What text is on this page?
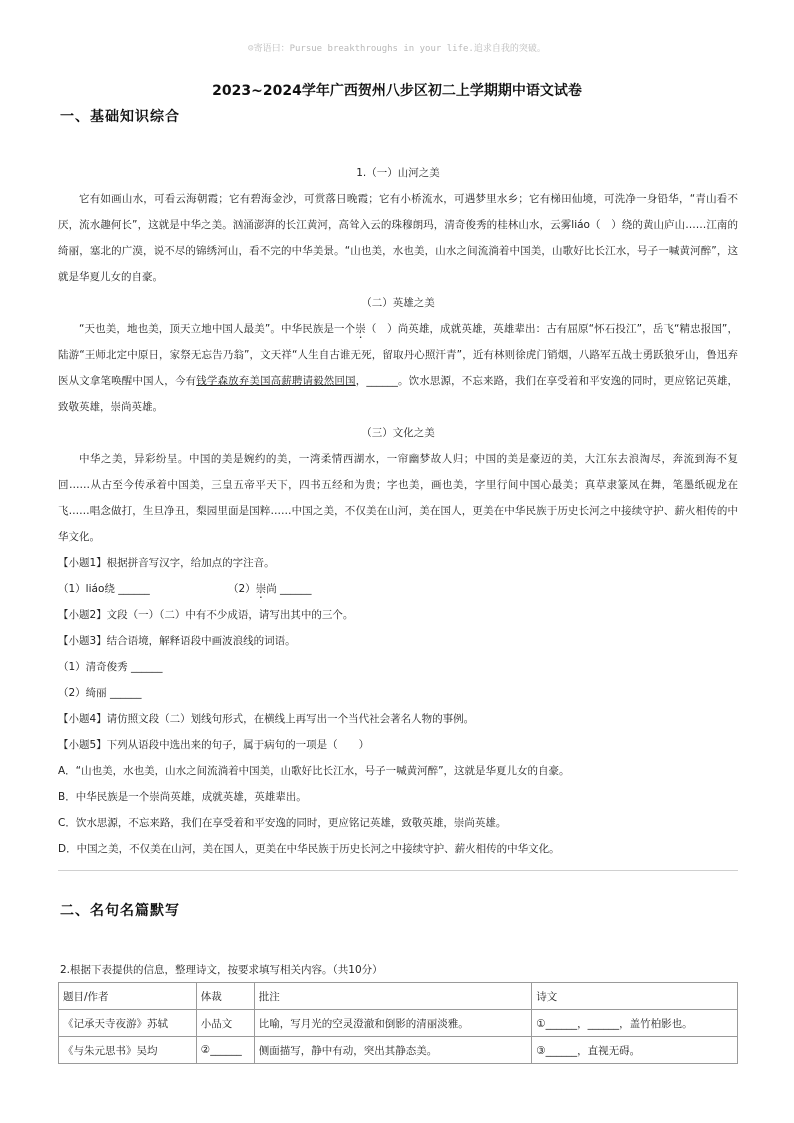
☺寄语曰：Pursue breakthroughs in your life.追求自我的突破。
2023~2024学年广西贺州八步区初二上学期期中语文试卷
一、基础知识综合
1.（一）山河之美
它有如画山水，可看云海朝霞；它有碧海金沙，可赏落日晚霞；它有小桥流水，可遇梦里水乡；它有梯田仙境，可洗净一身铅华，“青山看不厌，流水趣何长”，这就是中华之美。汹涌澎湃的长江黄河，高耸入云的珠穆朗玛，清奇俊秀的桂林山水，云雾liáo（　）绕的黄山庐山……江南的绮丽，塞北的广漠，说不尽的锦绣河山，看不完的中华美景。“山也美，水也美，山水之间流淌着中国美，山歌好比长江水，号子一喊黄河醉”，这就是华夏儿女的自豪。
（二）英雄之美
“天也美，地也美，顶天立地中国人最美”。中华民族是一个崇（　）尚英雄，成就英雄，英雄辈出：古有屈原“怀石投江”，岳飞“精忠报国”，陆游“王师北定中原日，家祭无忘告乃翁”，文天祥“人生自古谁无死，留取丹心照汗青”，近有林则徐虎门销烟，八路军五战士勇跃狼牙山，鲁迅弃医从文拿笔唤醒中国人，今有钱学森放弃美国高薪聘请毅然回国，______。饮水思源，不忘来路，我们在享受着和平安逸的同时，更应铭记英雄，致敬英雄，崇尚英雄。
（三）文化之美
中华之美，异彩纷呈。中国的美是婉约的美，一湾柔情西湖水，一帘幽梦故人归；中国的美是豪迈的美，大江东去浪淘尽，奔流到海不复回……从古至今传承着中国美，三皇五帝平天下，四书五经和为贵；字也美，画也美，字里行间中国心最美；真草隶篆凤在舞，笔墨纸砚龙在飞……唱念做打，生旦净丑，梨园里面是国粹……中国之美，不仅美在山河，美在国人，更美在中华民族于历史长河之中接续守护、薪火相传的中华文化。
【小题1】根据拼音写汉字，给加点的字注音。
（1）liáo绕 ______	（2）崇尚 ______
【小题2】文段（一）（二）中有不少成语，请写出其中的三个。
【小题3】结合语境，解释语段中画波浪线的词语。
（1）清奇俊秀 ______
（2）绮丽 ______
【小题4】请仿照文段（二）划线句形式，在横线上再写出一个当代社会著名人物的事例。
【小题5】下列从语段中选出来的句子，属于病句的一项是（　　）
A．“山也美，水也美，山水之间流淌着中国美，山歌好比长江水，号子一喊黄河醉”，这就是华夏儿女的自豪。
B．中华民族是一个崇尚英雄，成就英雄，英雄辈出。
C．饮水思源，不忘来路，我们在享受着和平安逸的同时，更应铭记英雄，致敬英雄，崇尚英雄。
D．中国之美，不仅美在山河，美在国人，更美在中华民族于历史长河之中接续守护、薪火相传的中华文化。
二、名句名篇默写
2.根据下表提供的信息，整理诗文，按要求填写相关内容。（共10分）
题目/作者	体裁	批注	诗文
《记承天寺夜游》苏轼	小品文	比喻，写月光的空灵澄澈和倒影的清丽淡雅。	①______，______，盖竹柏影也。
《与朱元思书》吴均	②______	侧面描写，静中有动，突出其静态美。	③______，直视无碍。
